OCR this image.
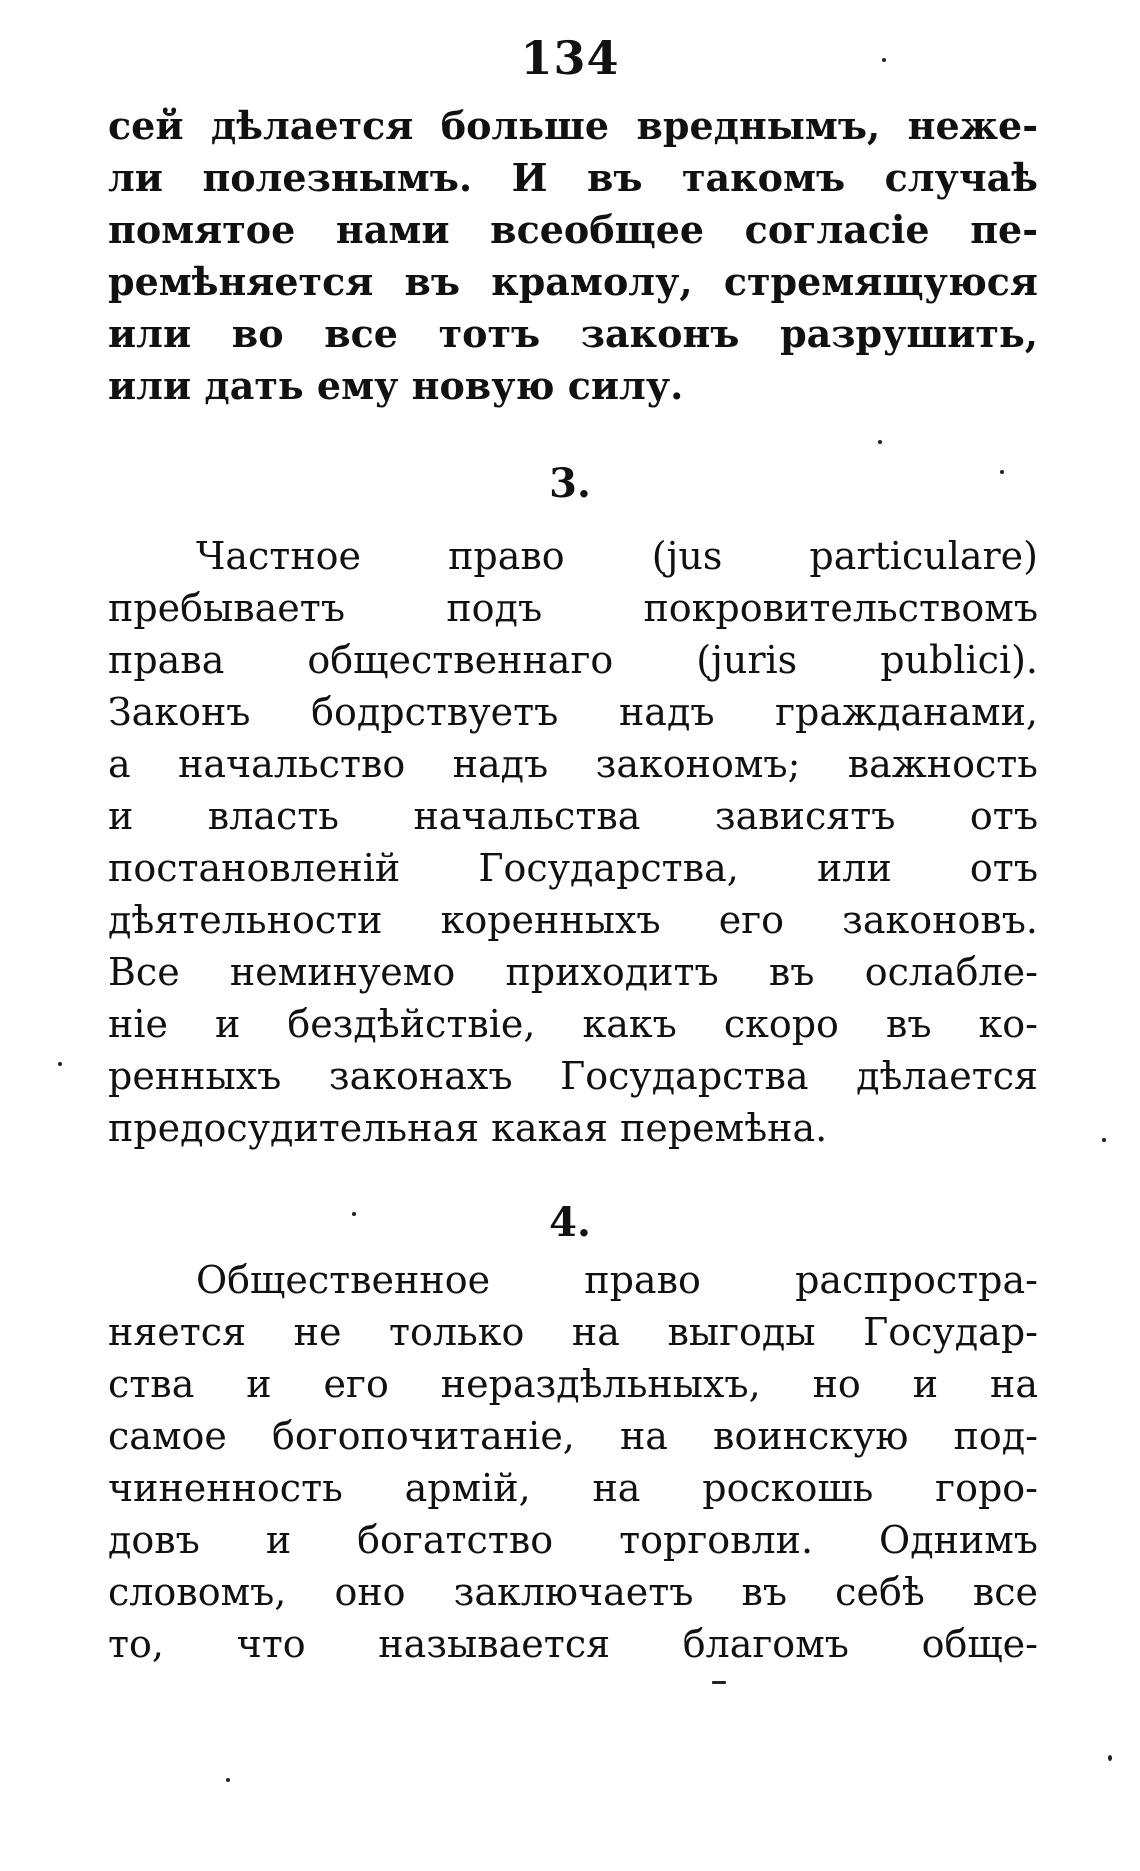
134
сей дѣлается больше вреднымъ, неже-
ли полезнымъ. И въ такомъ случаѣ
помятое нами всеобщее согласіе пе-
ремѣняется въ крамолу, стремящуюся
или во все тотъ законъ разрушить,
или дать ему новую силу.
3.
Частное право (jus particulare)
пребываетъ подъ покровительствомъ
права общественнаго (juris publici).
Законъ бодрствуетъ надъ гражданами,
а начальство надъ закономъ; важность
и власть начальства зависятъ отъ
постановленій Государства, или отъ
дѣятельности коренныхъ его законовъ.
Все неминуемо приходитъ въ ослабле-
ніе и бездѣйствіе, какъ скоро въ ко-
ренныхъ законахъ Государства дѣлается
предосудительная какая перемѣна.
4.
Общественное право распростра-
няется не только на выгоды Государ-
ства и его нераздѣльныхъ, но и на
самое богопочитаніе, на воинскую под-
чиненность армій, на роскошь горо-
довъ и богатство торговли. Однимъ
словомъ, оно заключаетъ въ себѣ все
то, что называется благомъ обще-
